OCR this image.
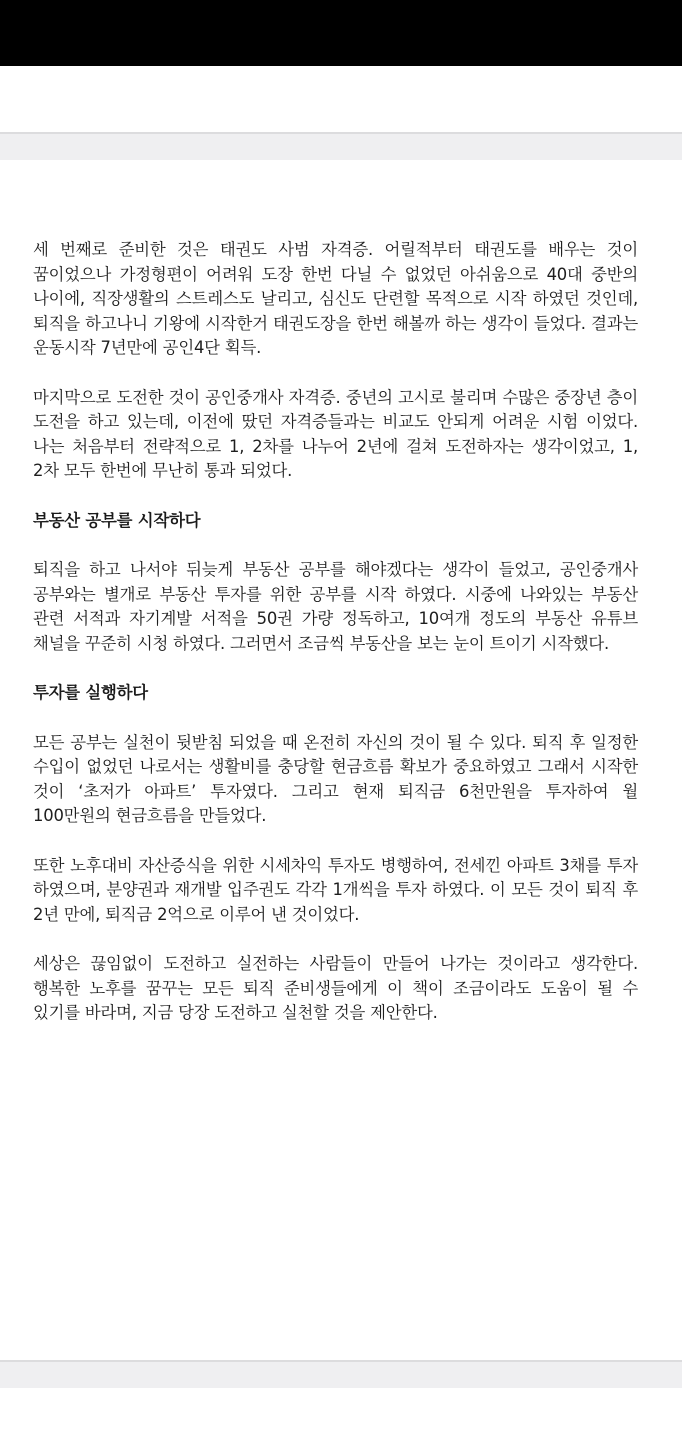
세 번째로 준비한 것은 태권도 사범 자격증. 어릴적부터 태권도를 배우는 것이 꿈이었으나 가정형편이 어려워 도장 한번 다닐 수 없었던 아쉬움으로 40대 중반의 나이에, 직장생활의 스트레스도 날리고, 심신도 단련할 목적으로 시작 하였던 것인데, 퇴직을 하고나니 기왕에 시작한거 태권도장을 한번 해볼까 하는 생각이 들었다. 결과는 운동시작 7년만에 공인4단 획득.

마지막으로 도전한 것이 공인중개사 자격증. 중년의 고시로 불리며 수많은 중장년 층이 도전을 하고 있는데, 이전에 땄던 자격증들과는 비교도 안되게 어려운 시험 이었다. 나는 처음부터 전략적으로 1, 2차를 나누어 2년에 걸쳐 도전하자는 생각이었고, 1, 2차 모두 한번에 무난히 통과 되었다.

부동산 공부를 시작하다

퇴직을 하고 나서야 뒤늦게 부동산 공부를 해야겠다는 생각이 들었고, 공인중개사 공부와는 별개로 부동산 투자를 위한 공부를 시작 하였다. 시중에 나와있는 부동산 관련 서적과 자기계발 서적을 50권 가량 정독하고, 10여개 정도의 부동산 유튜브 채널을 꾸준히 시청 하였다. 그러면서 조금씩 부동산을 보는 눈이 트이기 시작했다.

투자를 실행하다

모든 공부는 실천이 뒷받침 되었을 때 온전히 자신의 것이 될 수 있다. 퇴직 후 일정한 수입이 없었던 나로서는 생활비를 충당할 현금흐름 확보가 중요하였고 그래서 시작한 것이 ‘초저가 아파트’ 투자였다. 그리고 현재 퇴직금 6천만원을 투자하여 월 100만원의 현금흐름을 만들었다.

또한 노후대비 자산증식을 위한 시세차익 투자도 병행하여, 전세낀 아파트 3채를 투자 하였으며, 분양권과 재개발 입주권도 각각 1개씩을 투자 하였다. 이 모든 것이 퇴직 후 2년 만에, 퇴직금 2억으로 이루어 낸 것이었다.

세상은 끊임없이 도전하고 실전하는 사람들이 만들어 나가는 것이라고 생각한다. 행복한 노후를 꿈꾸는 모든 퇴직 준비생들에게 이 책이 조금이라도 도움이 될 수 있기를 바라며, 지금 당장 도전하고 실천할 것을 제안한다.
